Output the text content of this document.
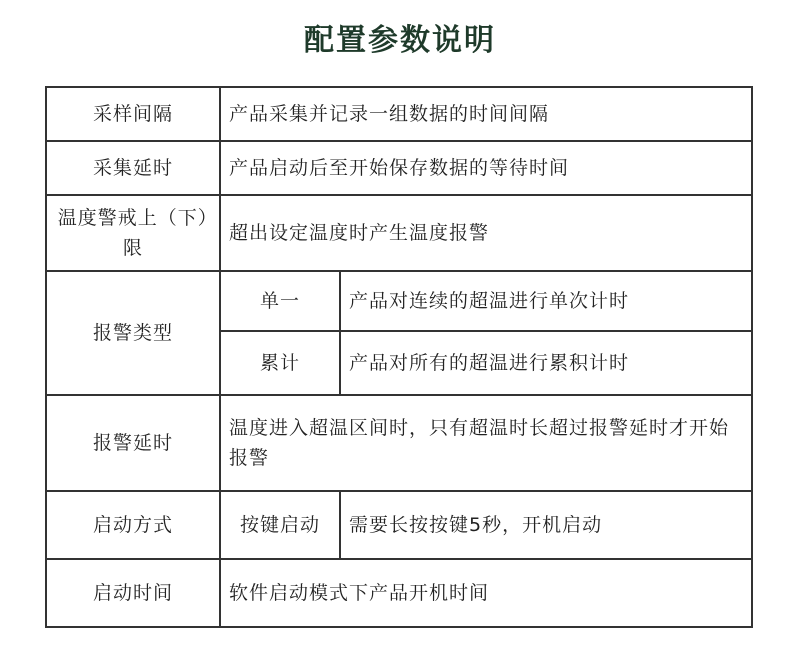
配置参数说明
采样间隔	产品采集并记录一组数据的时间间隔	
采集延时	产品启动后至开始保存数据的等待时间	
温度警戒上（下）限	超出设定温度时产生温度报警	
报警类型	单一	产品对连续的超温进行单次计时
	累计	产品对所有的超温进行累积计时
报警延时	温度进入超温区间时，只有超温时长超过报警延时才开始报警	
启动方式	按键启动	需要长按按键5秒，开机启动
启动时间	软件启动模式下产品开机时间	
